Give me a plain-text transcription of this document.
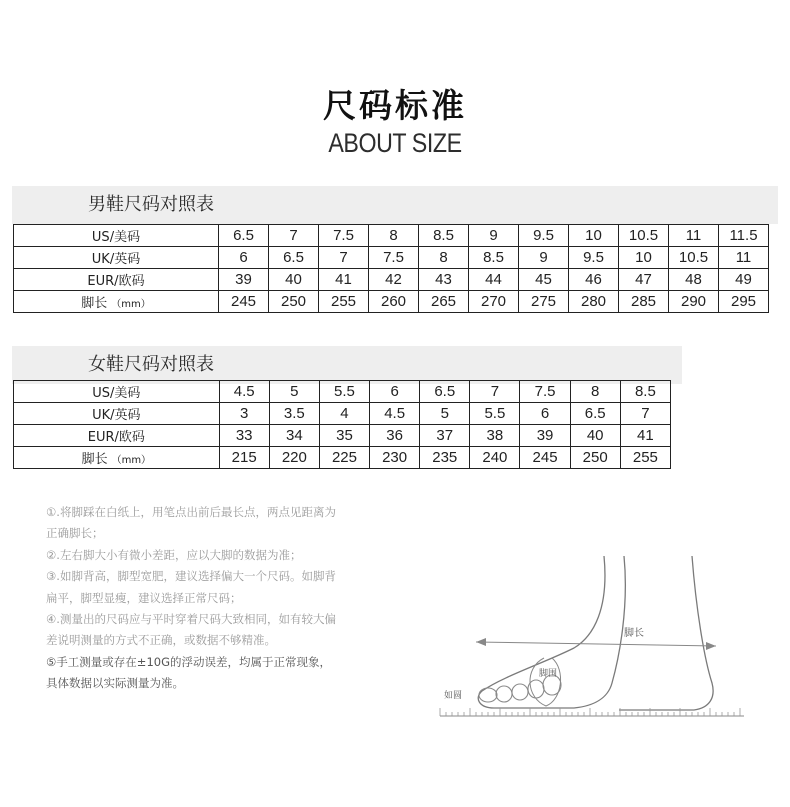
尺码标准
ABOUT SIZE
男鞋尺码对照表
US/美码	6.5	7	7.5	8	8.5	9	9.5	10	10.5	11	11.5
UK/英码	6	6.5	7	7.5	8	8.5	9	9.5	10	10.5	11
EUR/欧码	39	40	41	42	43	44	45	46	47	48	49
脚长 （mm）	245	250	255	260	265	270	275	280	285	290	295
女鞋尺码对照表
US/美码	4.5	5	5.5	6	6.5	7	7.5	8	8.5
UK/英码	3	3.5	4	4.5	5	5.5	6	6.5	7
EUR/欧码	33	34	35	36	37	38	39	40	41
脚长 （mm）	215	220	225	230	235	240	245	250	255
①.将脚踩在白纸上，用笔点出前后最长点，两点见距离为
正确脚长；
②.左右脚大小有微小差距，应以大脚的数据为准；
③.如脚背高，脚型宽肥，建议选择偏大一个尺码。如脚背
扁平，脚型显瘦，建议选择正常尺码；
④.测量出的尺码应与平时穿着尺码大致相同，如有较大偏
差说明测量的方式不正确，或数据不够精准。
⑤手工测量或存在±10G的浮动误差，均属于正常现象，
具体数据以实际测量为准。
脚长
脚围
如圆
